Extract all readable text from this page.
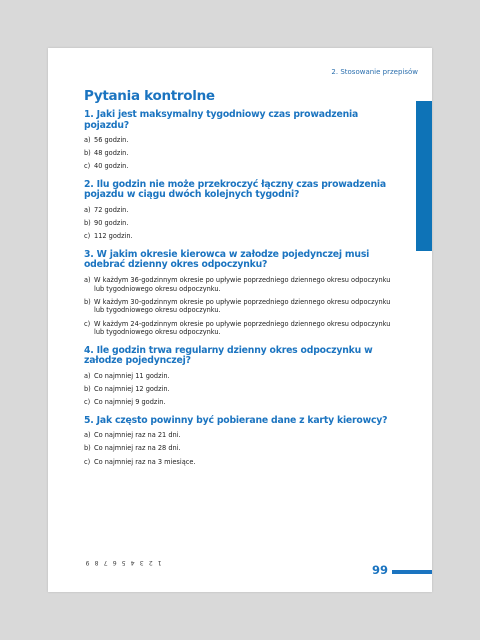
2. Stosowanie przepisów
Pytania kontrolne

1. Jaki jest maksymalny tygodniowy czas prowadzenia pojazdu?

a) 56 godzin.
b) 48 godzin.
c) 40 godzin.

2. Ilu godzin nie może przekroczyć łączny czas prowadzenia pojazdu w ciągu dwóch kolejnych tygodni?

a) 72 godzin.
b) 90 godzin.
c) 112 godzin.

3. W jakim okresie kierowca w załodze pojedynczej musi odebrać dzienny okres odpoczynku?

a) W każdym 36-godzinnym okresie po upływie poprzedniego dziennego okresu odpoczynku lub tygodniowego okresu odpoczynku.
b) W każdym 30-godzinnym okresie po upływie poprzedniego dziennego okresu odpoczynku lub tygodniowego okresu odpoczynku.
c) W każdym 24-godzinnym okresie po upływie poprzedniego dziennego okresu odpoczynku lub tygodniowego okresu odpoczynku.

4. Ile godzin trwa regularny dzienny okres odpoczynku w załodze pojedynczej?

a) Co najmniej 11 godzin.
b) Co najmniej 12 godzin.
c) Co najmniej 9 godzin.

5. Jak często powinny być pobierane dane z karty kierowcy?

a) Co najmniej raz na 21 dni.
b) Co najmniej raz na 28 dni.
c) Co najmniej raz na 3 miesiące.
1 2 3 4 5 6 7 8 9	99
